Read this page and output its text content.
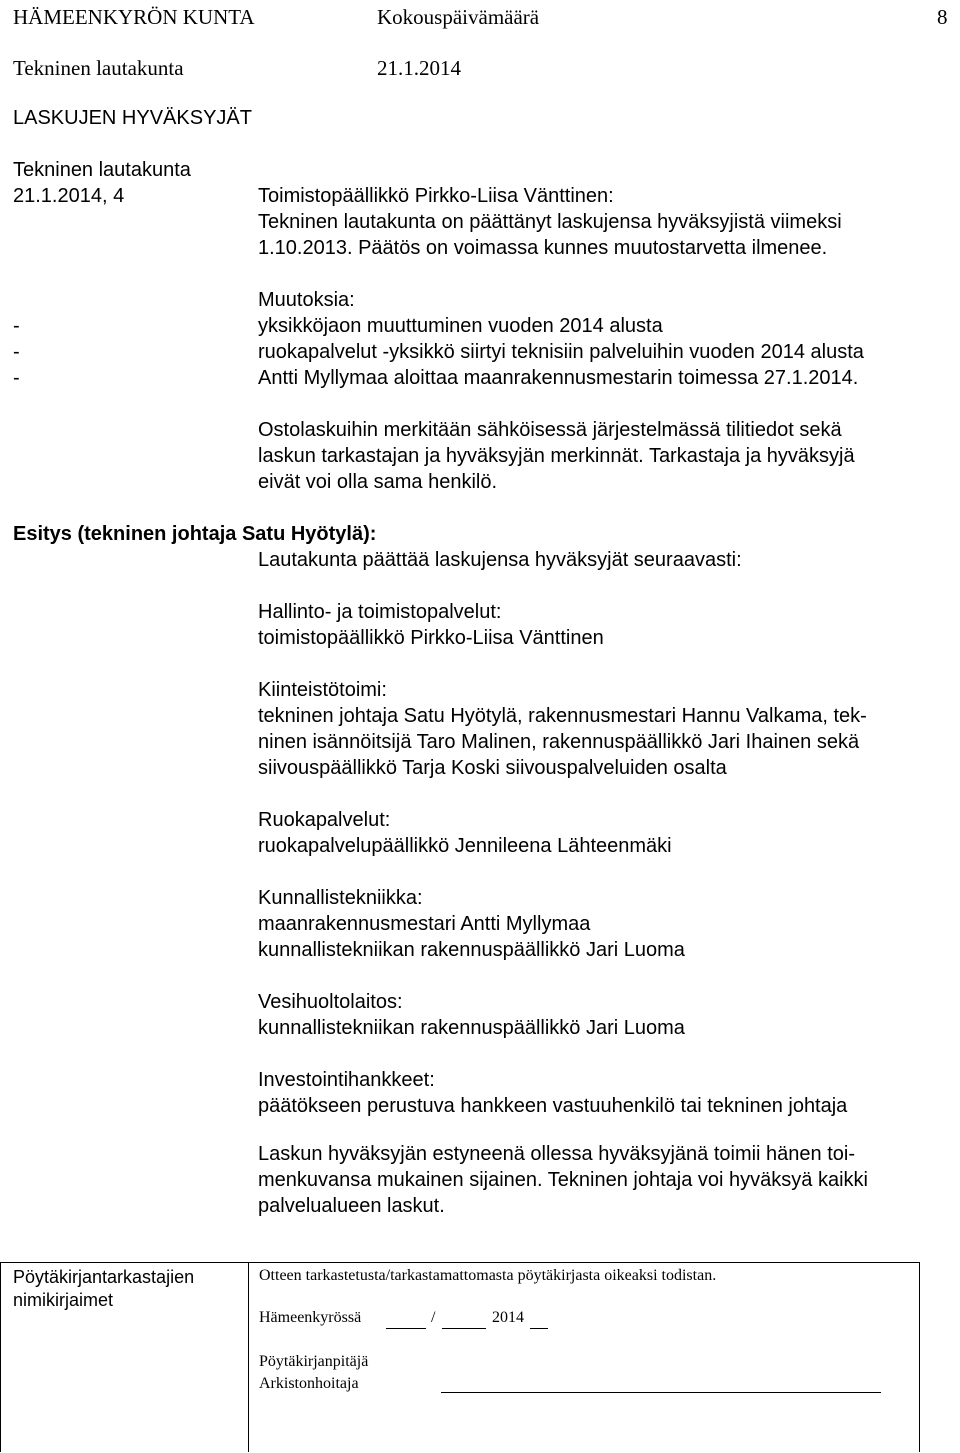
HÄMEENKYRÖN KUNTA	Kokouspäivämäärä	8
Tekninen lautakunta	21.1.2014
LASKUJEN HYVÄKSYJÄT
Tekninen lautakunta
21.1.2014, 4	Toimistopäällikkö Pirkko-Liisa Vänttinen:
Tekninen lautakunta on päättänyt laskujensa hyväksyjistä viimeksi
1.10.2013. Päätös on voimassa kunnes muutostarvetta ilmenee.
Muutoksia:
-	yksikköjaon muuttuminen vuoden 2014 alusta
-	ruokapalvelut -yksikkö siirtyi teknisiin palveluihin vuoden 2014 alusta
-	Antti Myllymaa aloittaa maanrakennusmestarin toimessa 27.1.2014.
Ostolaskuihin merkitään sähköisessä järjestelmässä tilitiedot sekä
laskun tarkastajan ja hyväksyjän merkinnät. Tarkastaja ja hyväksyjä
eivät voi olla sama henkilö.
Esitys (tekninen johtaja Satu Hyötylä):
Lautakunta päättää laskujensa hyväksyjät seuraavasti:
Hallinto- ja toimistopalvelut:
toimistopäällikkö Pirkko-Liisa Vänttinen
Kiinteistötoimi:
tekninen johtaja Satu Hyötylä, rakennusmestari Hannu Valkama, tek-
ninen isännöitsijä Taro Malinen, rakennuspäällikkö Jari Ihainen sekä
siivouspäällikkö Tarja Koski siivouspalveluiden osalta
Ruokapalvelut:
ruokapalvelupäällikkö Jennileena Lähteenmäki
Kunnallistekniikka:
maanrakennusmestari Antti Myllymaa
kunnallistekniikan rakennuspäällikkö Jari Luoma
Vesihuoltolaitos:
kunnallistekniikan rakennuspäällikkö Jari Luoma
Investointihankkeet:
päätökseen perustuva hankkeen vastuuhenkilö tai tekninen johtaja
Laskun hyväksyjän estyneenä ollessa hyväksyjänä toimii hänen toi-
menkuvansa mukainen sijainen. Tekninen johtaja voi hyväksyä kaikki
palvelualueen laskut.
Pöytäkirjantarkastajien
nimikirjaimet
Otteen tarkastetusta/tarkastamattomasta pöytäkirjasta oikeaksi todistan.
Hämeenkyrössä	/	2014
Pöytäkirjanpitäjä
Arkistonhoitaja
